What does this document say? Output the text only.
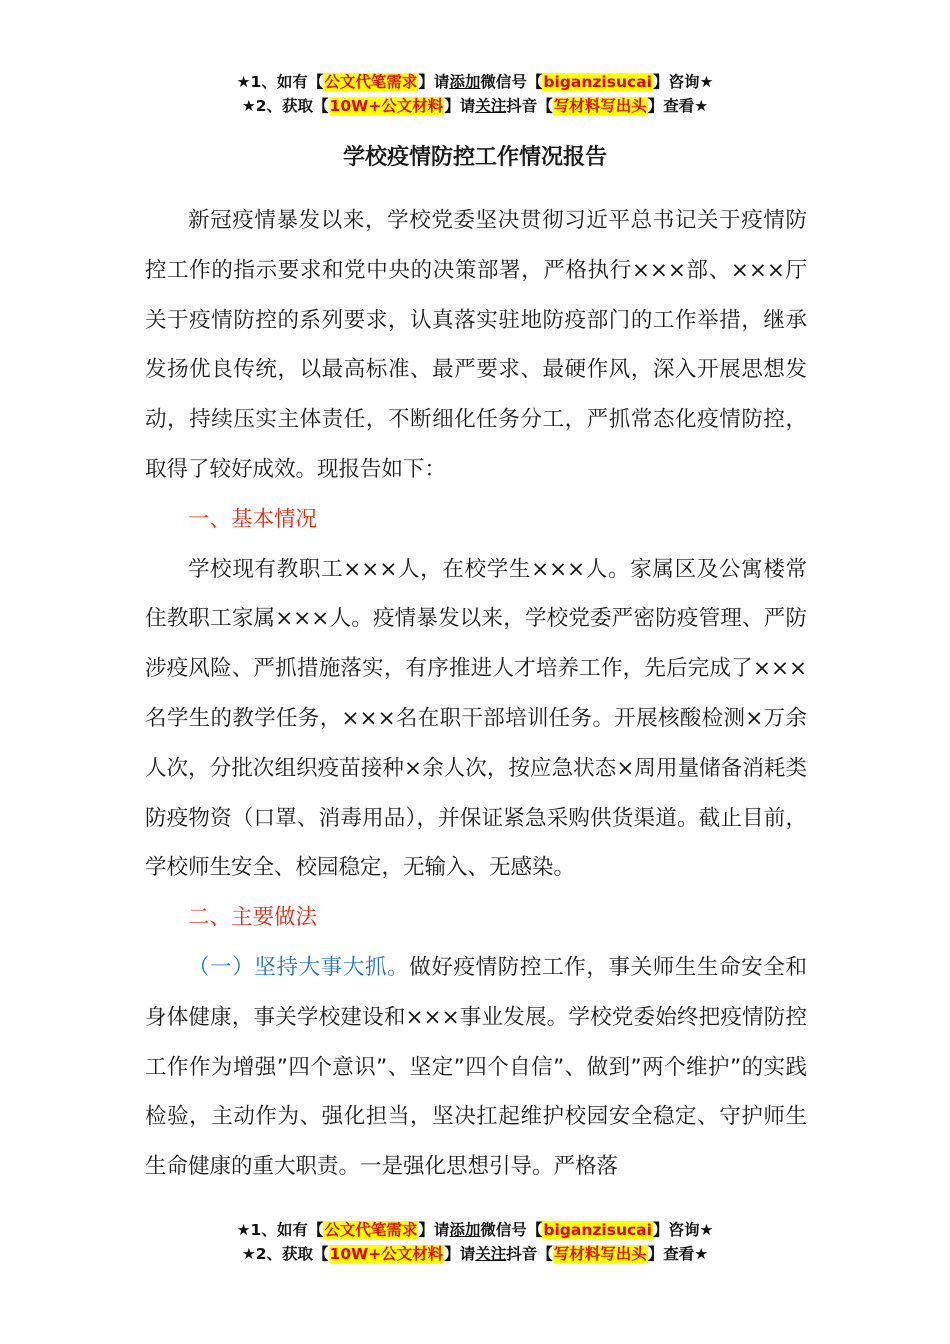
★1、如有【公文代笔需求】请添加微信号【biganzisucai】咨询★
★2、获取【10W+公文材料】请关注抖音【写材料写出头】查看★
学校疫情防控工作情况报告

新冠疫情暴发以来，学校党委坚决贯彻习近平总书记关于疫情防控工作的指示要求和党中央的决策部署，严格执行×××部、×××厅关于疫情防控的系列要求，认真落实驻地防疫部门的工作举措，继承发扬优良传统，以最高标准、最严要求、最硬作风，深入开展思想发动，持续压实主体责任，不断细化任务分工，严抓常态化疫情防控，取得了较好成效。现报告如下：

一、基本情况

学校现有教职工×××人，在校学生×××人。家属区及公寓楼常住教职工家属×××人。疫情暴发以来，学校党委严密防疫管理、严防涉疫风险、严抓措施落实，有序推进人才培养工作，先后完成了×××名学生的教学任务，×××名在职干部培训任务。开展核酸检测×万余人次，分批次组织疫苗接种×余人次，按应急状态×周用量储备消耗类防疫物资（口罩、消毒用品），并保证紧急采购供货渠道。截止目前，学校师生安全、校园稳定，无输入、无感染。

二、主要做法

（一）坚持大事大抓。做好疫情防控工作，事关师生生命安全和身体健康，事关学校建设和×××事业发展。学校党委始终把疫情防控工作作为增强”四个意识”、坚定”四个自信”、做到”两个维护”的实践检验，主动作为、强化担当，坚决扛起维护校园安全稳定、守护师生生命健康的重大职责。一是强化思想引导。严格落

★1、如有【公文代笔需求】请添加微信号【biganzisucai】咨询★
★2、获取【10W+公文材料】请关注抖音【写材料写出头】查看★
